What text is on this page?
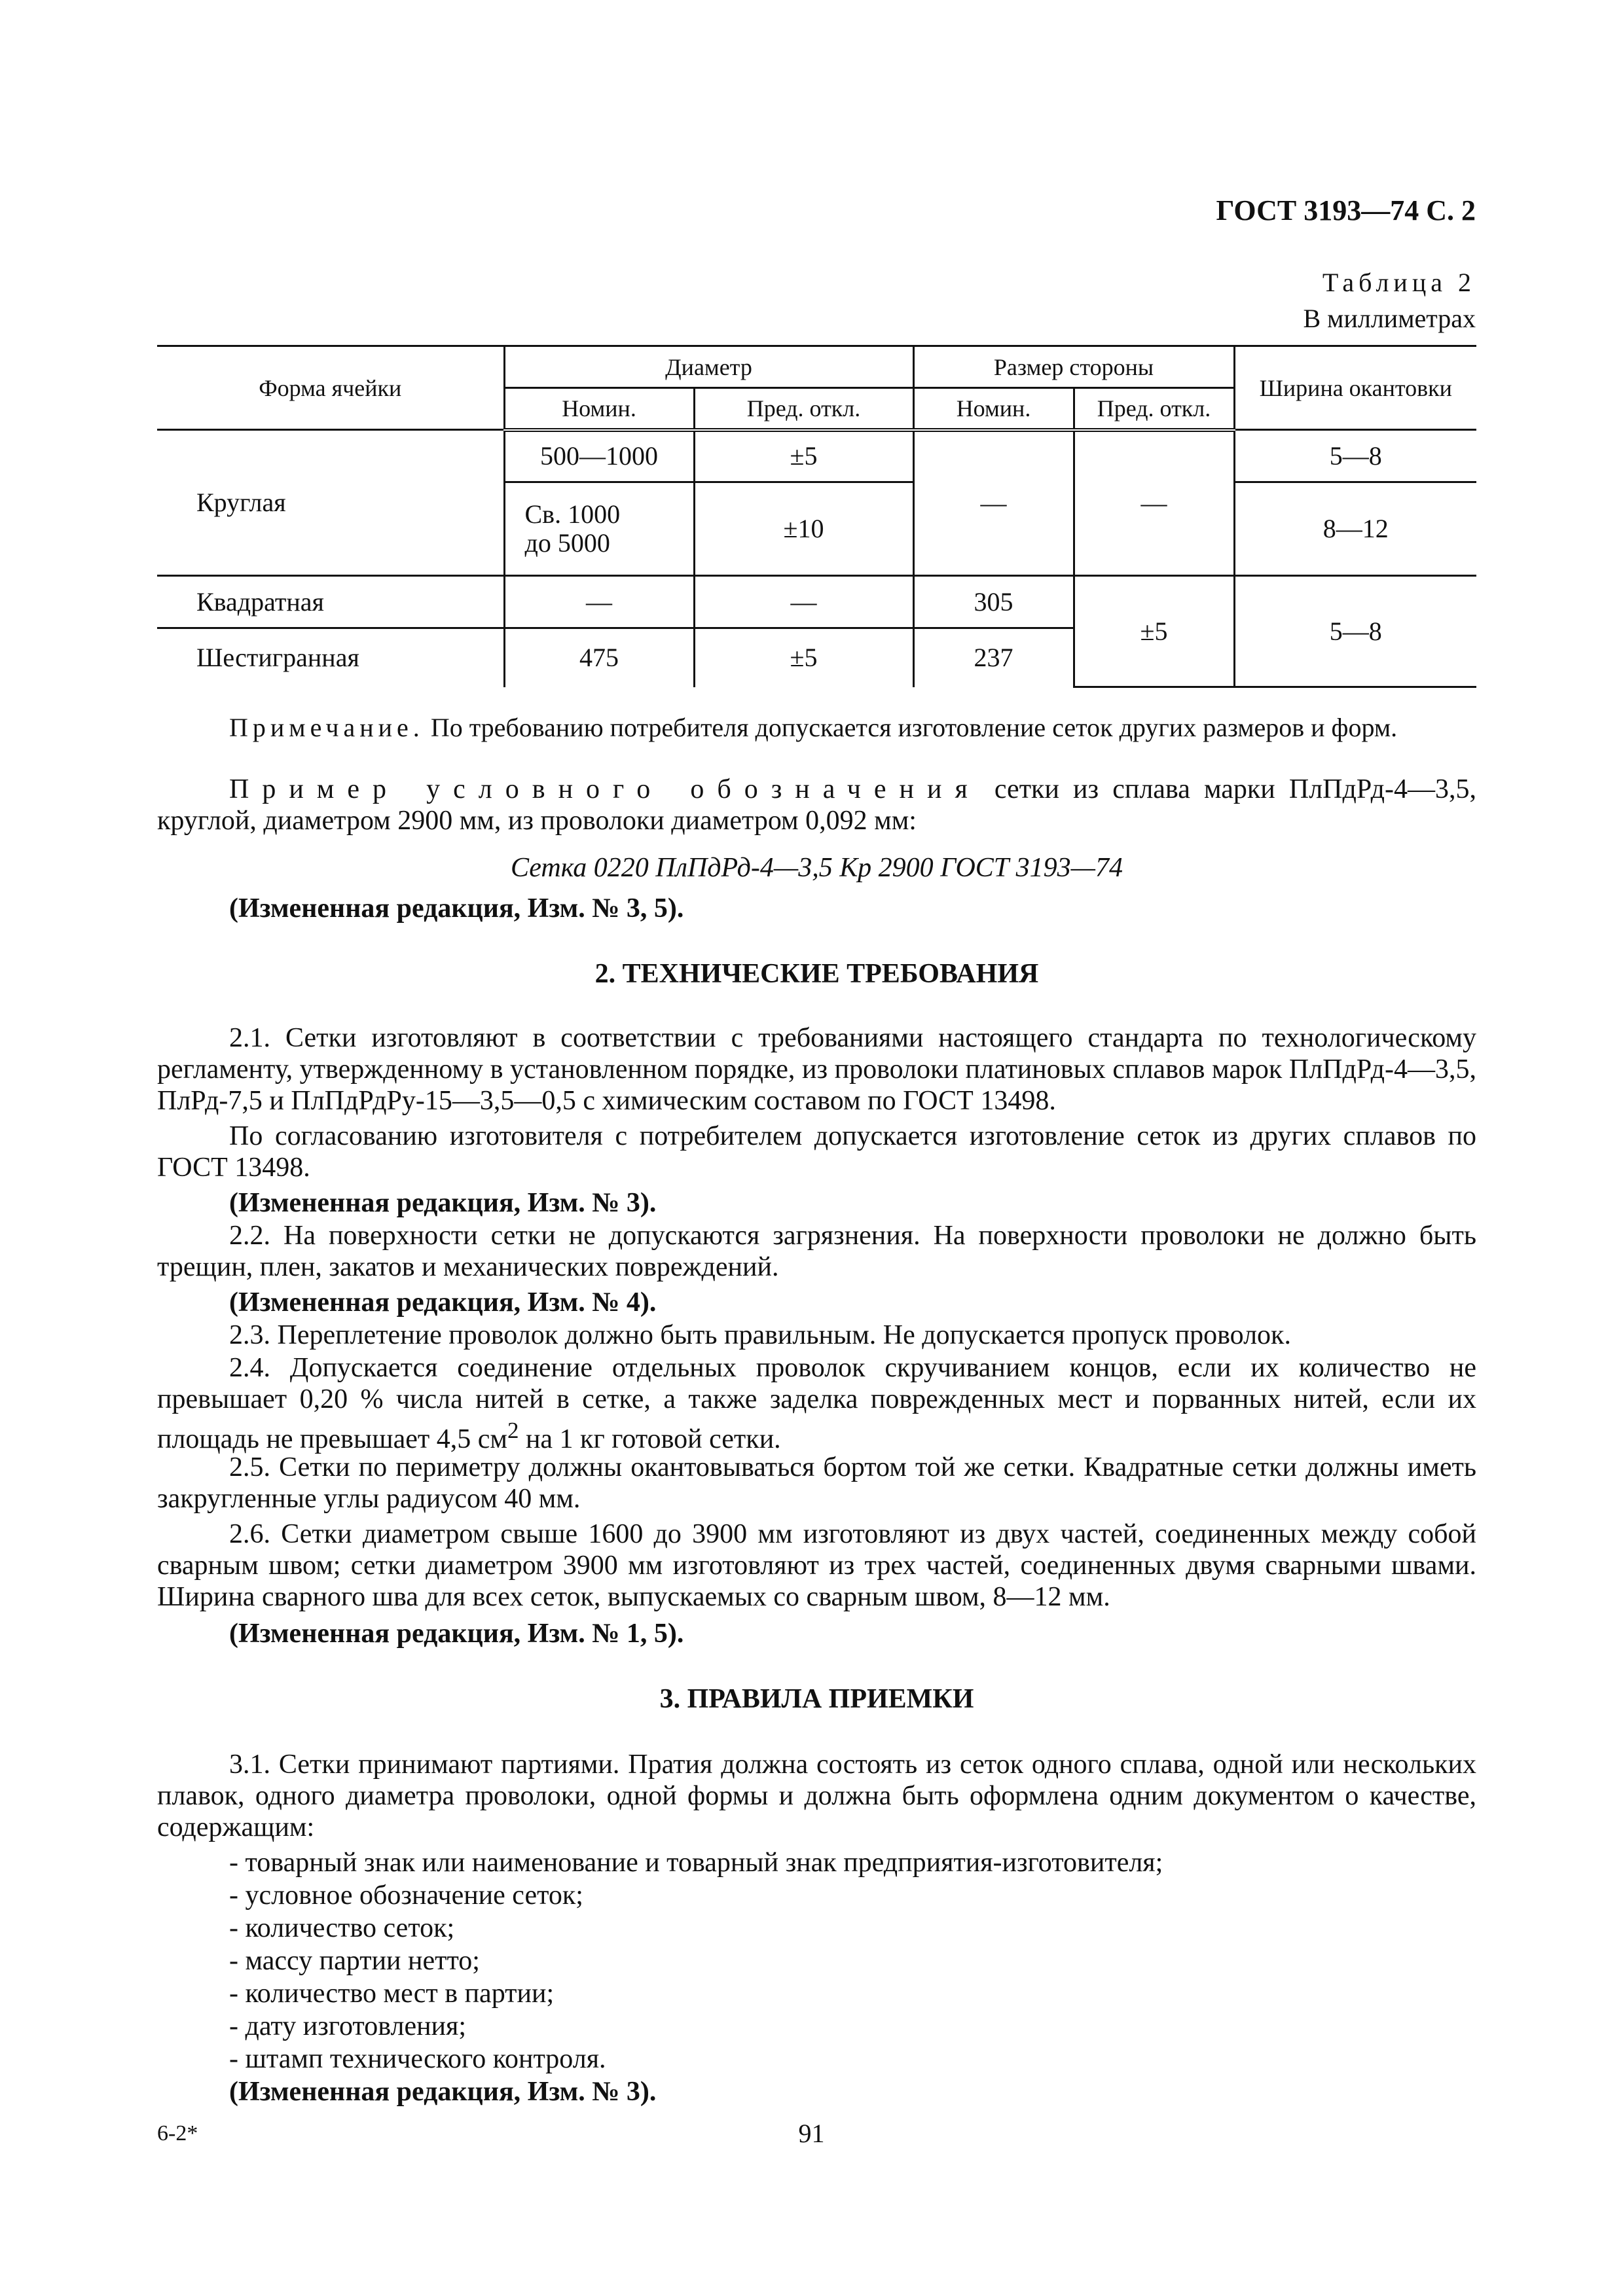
ГОСТ 3193—74 С. 2
Таблица 2
В миллиметрах
Форма ячейки	Диаметр		Размер стороны		Ширина окантовки
	Номин.	Пред. откл.	Номин.	Пред. откл.	
Круглая	500—1000	±5	—	—	5—8

	Св. 1000
до 5000	±10			8—12
Квадратная	—	—	305	±5	5—8
Шестигранная	475	±5	237		
Примечание. По требованию потребителя допускается изготовление сеток других размеров и форм.
Пример условного обозначения сетки из сплава марки ПлПдРд-4—3,5, круглой, диаметром 2900 мм, из проволоки диаметром 0,092 мм:
Сетка 0220 ПлПдРд-4—3,5 Кр 2900 ГОСТ 3193—74
(Измененная редакция, Изм. № 3, 5).
2. ТЕХНИЧЕСКИЕ ТРЕБОВАНИЯ
2.1. Сетки изготовляют в соответствии с требованиями настоящего стандарта по технологическому регламенту, утвержденному в установленном порядке, из проволоки платиновых сплавов марок ПлПдРд-4—3,5, ПлРд-7,5 и ПлПдРдРу-15—3,5—0,5 с химическим составом по ГОСТ 13498.
По согласованию изготовителя с потребителем допускается изготовление сеток из других сплавов по ГОСТ 13498.
(Измененная редакция, Изм. № 3).
2.2. На поверхности сетки не допускаются загрязнения. На поверхности проволоки не должно быть трещин, плен, закатов и механических повреждений.
(Измененная редакция, Изм. № 4).
2.3. Переплетение проволок должно быть правильным. Не допускается пропуск проволок.
2.4. Допускается соединение отдельных проволок скручиванием концов, если их количество не превышает 0,20 % числа нитей в сетке, а также заделка поврежденных мест и порванных нитей, если их площадь не превышает 4,5 $см^2$ на 1 кг готовой сетки.
2.5. Сетки по периметру должны окантовываться бортом той же сетки. Квадратные сетки должны иметь закругленные углы радиусом 40 мм.
2.6. Сетки диаметром свыше 1600 до 3900 мм изготовляют из двух частей, соединенных между собой сварным швом; сетки диаметром 3900 мм изготовляют из трех частей, соединенных двумя сварными швами. Ширина сварного шва для всех сеток, выпускаемых со сварным швом, 8—12 мм.
(Измененная редакция, Изм. № 1, 5).
3. ПРАВИЛА ПРИЕМКИ
3.1. Сетки принимают партиями. Пратия должна состоять из сеток одного сплава, одной или нескольких плавок, одного диаметра проволоки, одной формы и должна быть оформлена одним документом о качестве, содержащим:
- товарный знак или наименование и товарный знак предприятия-изготовителя;
- условное обозначение сеток;
- количество сеток;
- массу партии нетто;
- количество мест в партии;
- дату изготовления;
- штамп технического контроля.
(Измененная редакция, Изм. № 3).
6-2*	91
